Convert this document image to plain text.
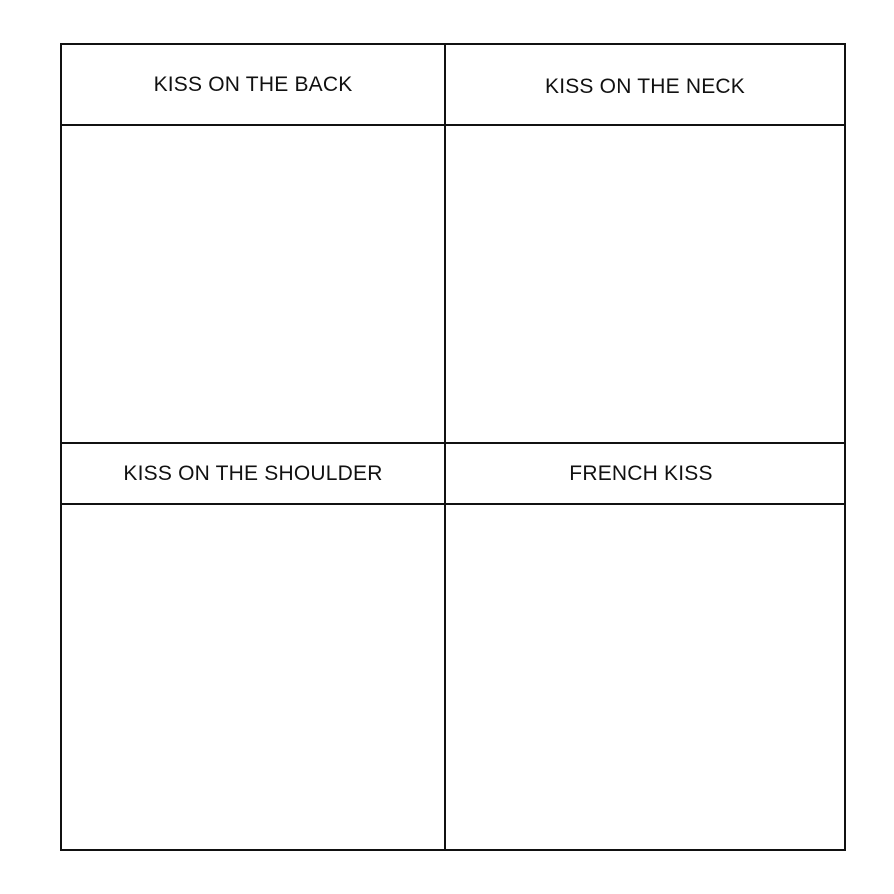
KISS ON THE BACK	KISS ON THE NECK
KISS ON THE SHOULDER	FRENCH KISS
